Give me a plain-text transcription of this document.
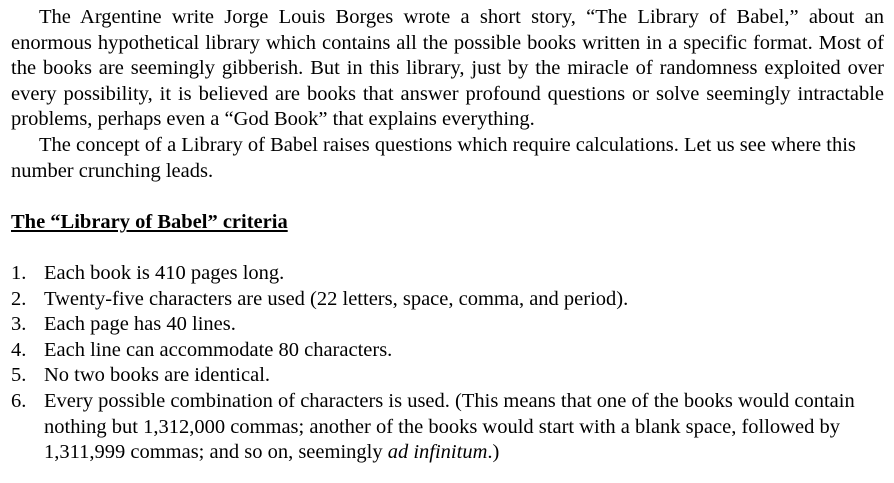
The Argentine write Jorge Louis Borges wrote a short story, “The Library of Babel,” about an enormous hypothetical library which contains all the possible books written in a specific format. Most of the books are seemingly gibberish. But in this library, just by the miracle of randomness exploited over every possibility, it is believed are books that answer profound questions or solve seemingly intractable problems, perhaps even a “God Book” that explains everything.

The concept of a Library of Babel raises questions which require calculations. Let us see where this number crunching leads.

The “Library of Babel” criteria

1. Each book is 410 pages long.
2. Twenty-five characters are used (22 letters, space, comma, and period).
3. Each page has 40 lines.
4. Each line can accommodate 80 characters.
5. No two books are identical.
6. Every possible combination of characters is used. (This means that one of the books would contain nothing but 1,312,000 commas; another of the books would start with a blank space, followed by 1,311,999 commas; and so on, seemingly ad infinitum.)
